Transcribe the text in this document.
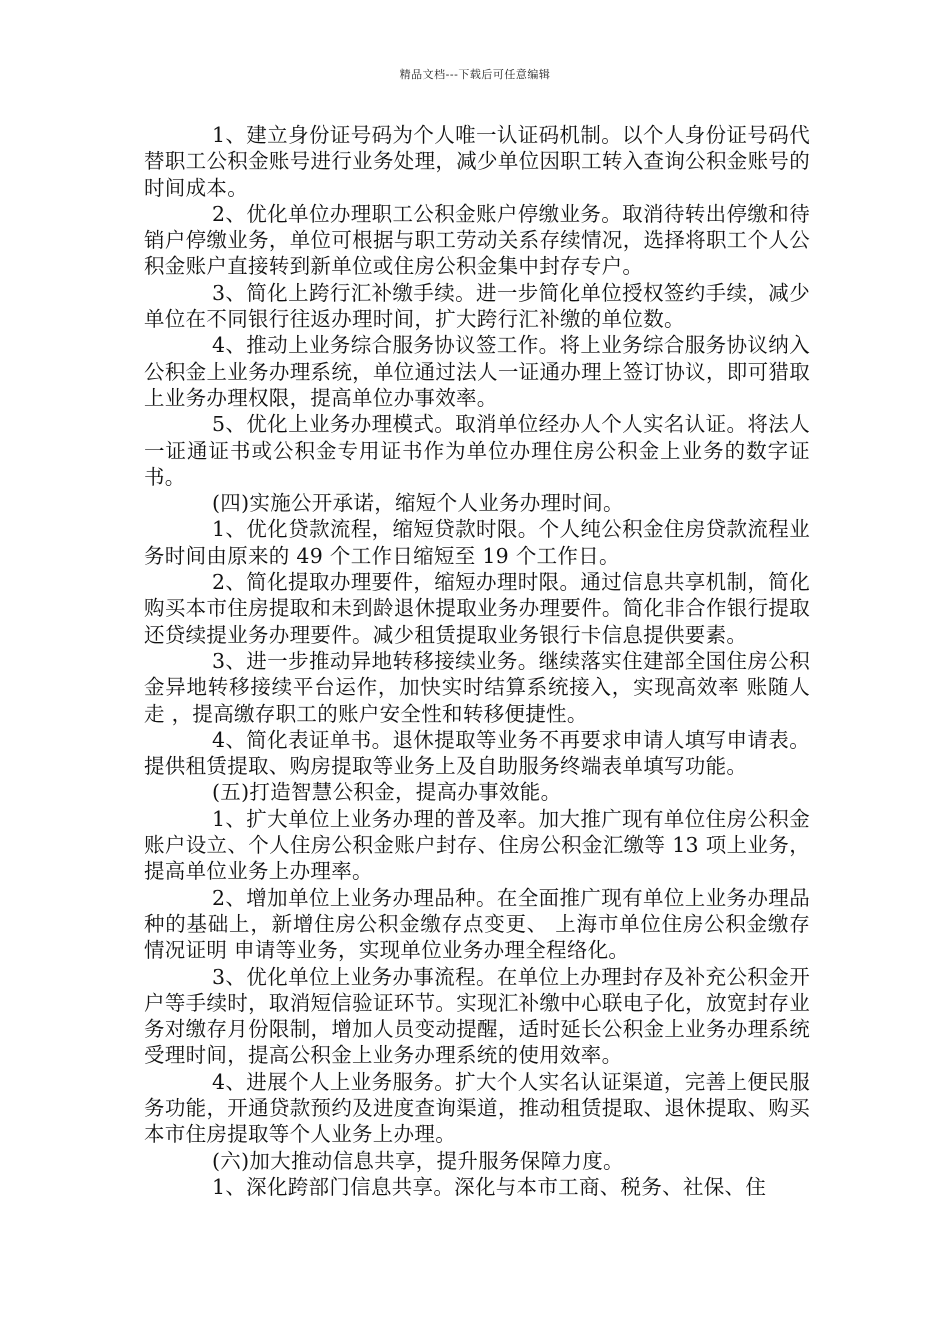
精品文档---下载后可任意编辑

1、建立身份证号码为个人唯一认证码机制。以个人身份证号码代替职工公积金账号进行业务处理，减少单位因职工转入查询公积金账号的时间成本。

2、优化单位办理职工公积金账户停缴业务。取消待转出停缴和待销户停缴业务，单位可根据与职工劳动关系存续情况，选择将职工个人公积金账户直接转到新单位或住房公积金集中封存专户。

3、简化上跨行汇补缴手续。进一步简化单位授权签约手续，减少单位在不同银行往返办理时间，扩大跨行汇补缴的单位数。

4、推动上业务综合服务协议签工作。将上业务综合服务协议纳入公积金上业务办理系统，单位通过法人一证通办理上签订协议，即可猎取上业务办理权限，提高单位办事效率。

5、优化上业务办理模式。取消单位经办人个人实名认证。将法人一证通证书或公积金专用证书作为单位办理住房公积金上业务的数字证书。

(四)实施公开承诺，缩短个人业务办理时间。

1、优化贷款流程，缩短贷款时限。个人纯公积金住房贷款流程业务时间由原来的 49 个工作日缩短至 19 个工作日。

2、简化提取办理要件，缩短办理时限。通过信息共享机制，简化购买本市住房提取和未到龄退休提取业务办理要件。简化非合作银行提取还贷续提业务办理要件。减少租赁提取业务银行卡信息提供要素。

3、进一步推动异地转移接续业务。继续落实住建部全国住房公积金异地转移接续平台运作，加快实时结算系统接入，实现高效率 账随人走 ，提高缴存职工的账户安全性和转移便捷性。

4、简化表证单书。退休提取等业务不再要求申请人填写申请表。提供租赁提取、购房提取等业务上及自助服务终端表单填写功能。

(五)打造智慧公积金，提高办事效能。

1、扩大单位上业务办理的普及率。加大推广现有单位住房公积金账户设立、个人住房公积金账户封存、住房公积金汇缴等 13 项上业务，提高单位业务上办理率。

2、增加单位上业务办理品种。在全面推广现有单位上业务办理品种的基础上，新增住房公积金缴存点变更、 上海市单位住房公积金缴存情况证明 申请等业务，实现单位业务办理全程络化。

3、优化单位上业务办事流程。在单位上办理封存及补充公积金开户等手续时，取消短信验证环节。实现汇补缴中心联电子化，放宽封存业务对缴存月份限制，增加人员变动提醒，适时延长公积金上业务办理系统受理时间，提高公积金上业务办理系统的使用效率。

4、进展个人上业务服务。扩大个人实名认证渠道，完善上便民服务功能，开通贷款预约及进度查询渠道，推动租赁提取、退休提取、购买本市住房提取等个人业务上办理。

(六)加大推动信息共享，提升服务保障力度。

1、深化跨部门信息共享。深化与本市工商、税务、社保、住
